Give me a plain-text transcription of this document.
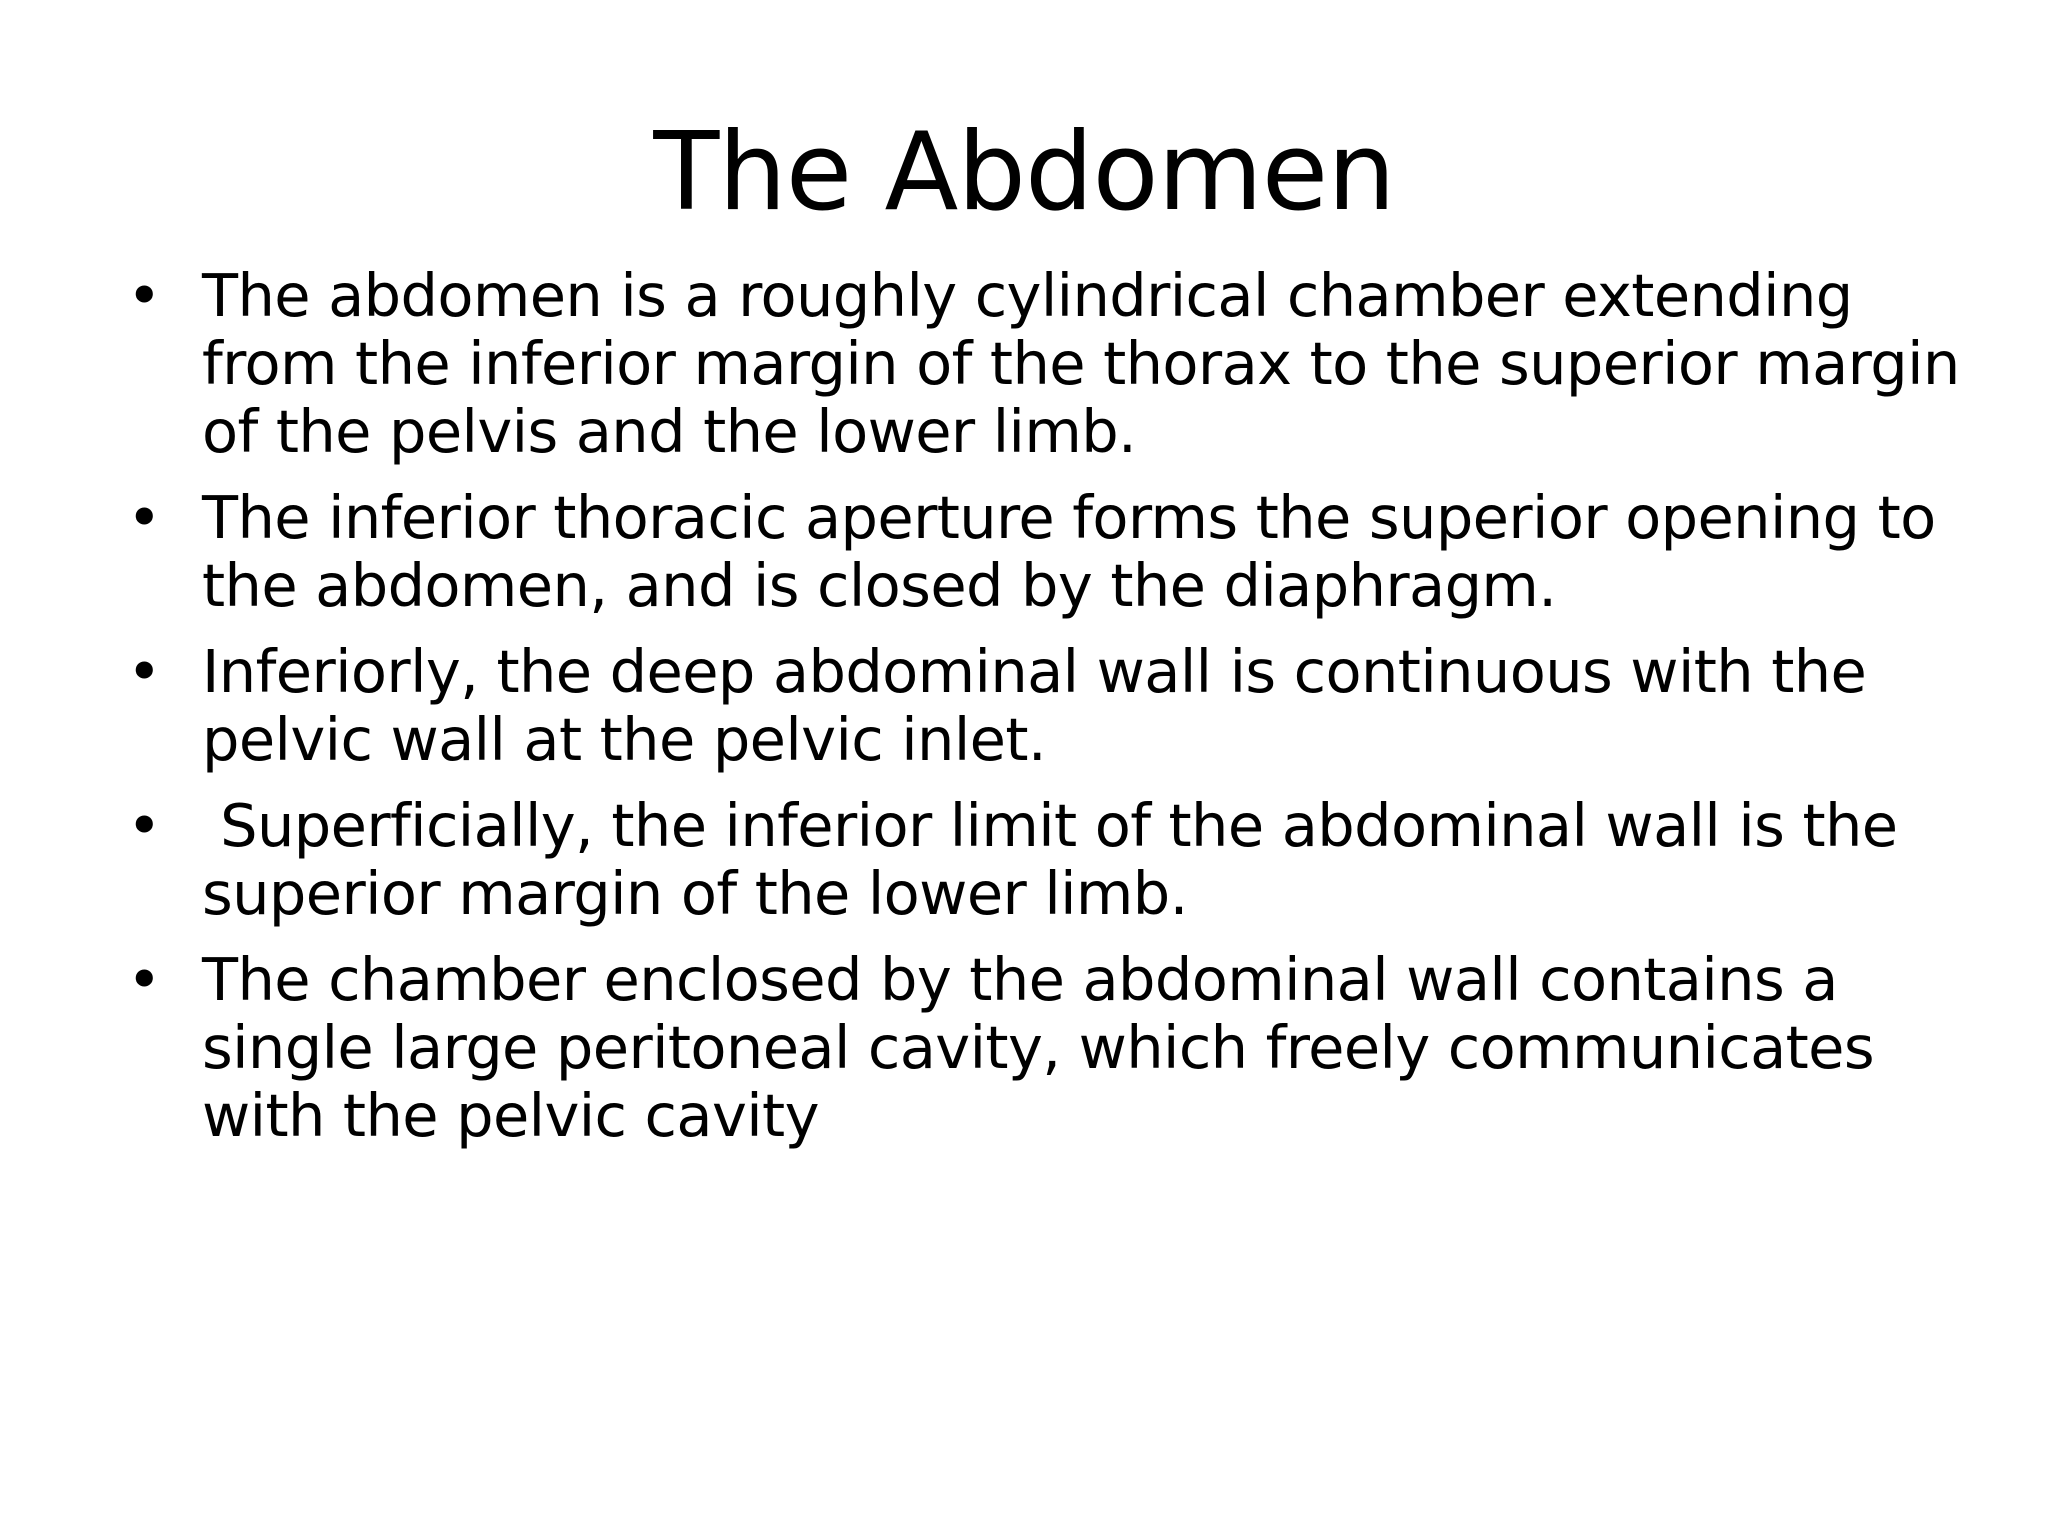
The Abdomen
• The abdomen is a roughly cylindrical chamber extending from the inferior margin of the thorax to the superior margin of the pelvis and the lower limb.
• The inferior thoracic aperture forms the superior opening to the abdomen, and is closed by the diaphragm.
• Inferiorly, the deep abdominal wall is continuous with the pelvic wall at the pelvic inlet.
• Superficially, the inferior limit of the abdominal wall is the superior margin of the lower limb.
• The chamber enclosed by the abdominal wall contains a single large peritoneal cavity, which freely communicates with the pelvic cavity
